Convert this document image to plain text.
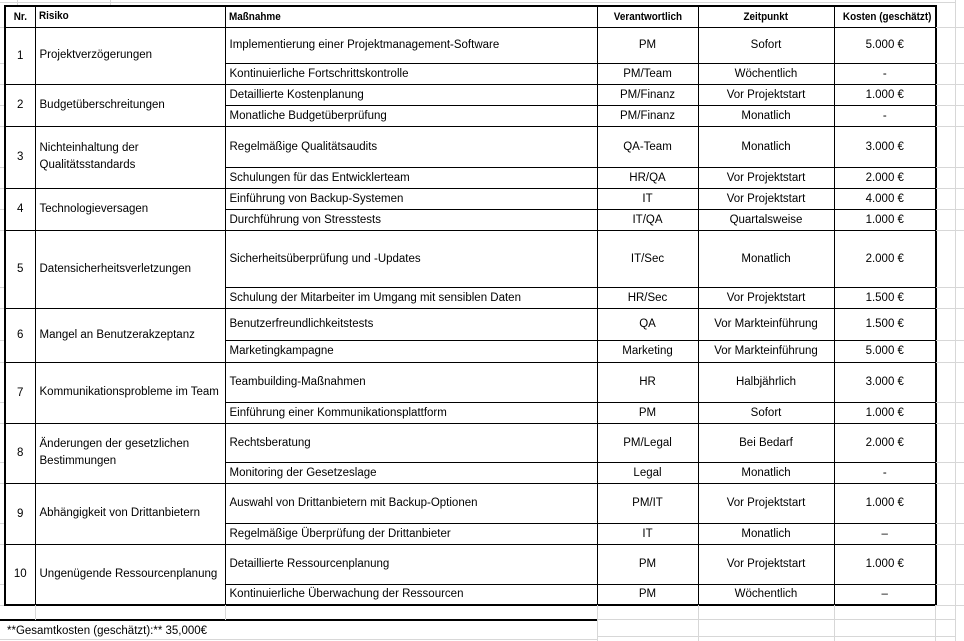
Nr.	Risiko	Maßnahme	Verantwortlich	Zeitpunkt	Kosten (geschätzt)
1	Projektverzögerungen	Implementierung einer Projektmanagement-Software	PM	Sofort	5.000 €
		Kontinuierliche Fortschrittskontrolle	PM/Team	Wöchentlich	-
2	Budgetüberschreitungen	Detaillierte Kostenplanung	PM/Finanz	Vor Projektstart	1.000 €
		Monatliche Budgetüberprüfung	PM/Finanz	Monatlich	-
3	Nichteinhaltung der Qualitätsstandards	Regelmäßige Qualitätsaudits	QA-Team	Monatlich	3.000 €
		Schulungen für das Entwicklerteam	HR/QA	Vor Projektstart	2.000 €
4	Technologieversagen	Einführung von Backup-Systemen	IT	Vor Projektstart	4.000 €
		Durchführung von Stresstests	IT/QA	Quartalsweise	1.000 €
5	Datensicherheitsverletzungen	Sicherheitsüberprüfung und -Updates	IT/Sec	Monatlich	2.000 €
		Schulung der Mitarbeiter im Umgang mit sensiblen Daten	HR/Sec	Vor Projektstart	1.500 €
6	Mangel an Benutzerakzeptanz	Benutzerfreundlichkeitstests	QA	Vor Markteinführung	1.500 €
		Marketingkampagne	Marketing	Vor Markteinführung	5.000 €
7	Kommunikationsprobleme im Team	Teambuilding-Maßnahmen	HR	Halbjährlich	3.000 €
		Einführung einer Kommunikationsplattform	PM	Sofort	1.000 €
8	Änderungen der gesetzlichen Bestimmungen	Rechtsberatung	PM/Legal	Bei Bedarf	2.000 €
		Monitoring der Gesetzeslage	Legal	Monatlich	-
9	Abhängigkeit von Drittanbietern	Auswahl von Drittanbietern mit Backup-Optionen	PM/IT	Vor Projektstart	1.000 €
		Regelmäßige Überprüfung der Drittanbieter	IT	Monatlich	–
10	Ungenügende Ressourcenplanung	Detaillierte Ressourcenplanung	PM	Vor Projektstart	1.000 €
		Kontinuierliche Überwachung der Ressourcen	PM	Wöchentlich	–
**Gesamtkosten (geschätzt):** 35,000€
